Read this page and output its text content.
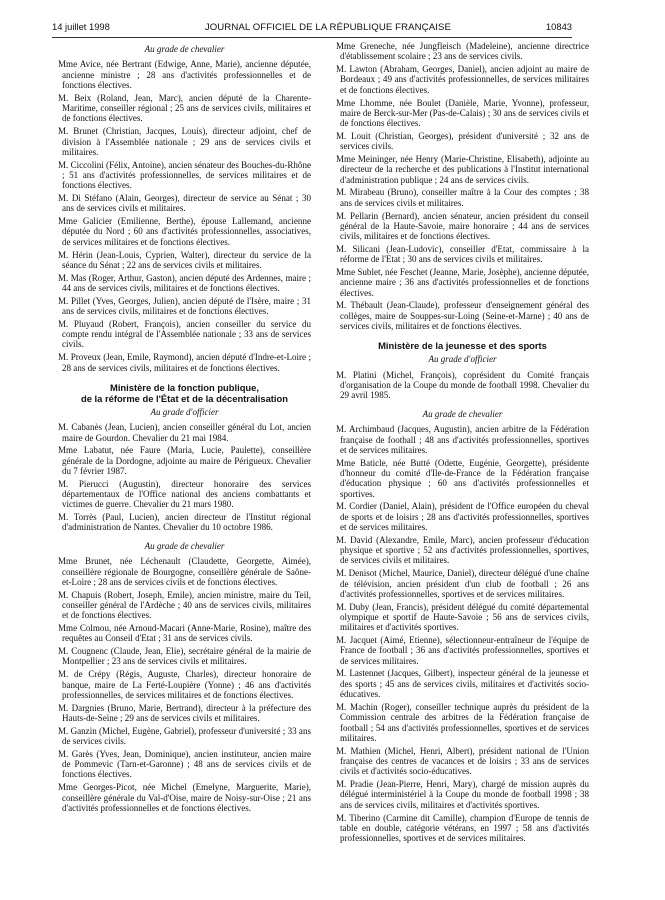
14 juillet 1998	JOURNAL OFFICIEL DE LA RÉPUBLIQUE FRANÇAISE	10843
Au grade de chevalier

Mme Avice, née Bertrant (Edwige, Anne, Marie), ancienne députée, ancienne ministre ; 28 ans d'activités professionnelles et de fonctions électives.

M. Beix (Roland, Jean, Marc), ancien député de la Charente-Maritime, conseiller régional ; 25 ans de services civils, militaires et de fonctions électives.

M. Brunet (Christian, Jacques, Louis), directeur adjoint, chef de division à l'Assemblée nationale ; 29 ans de services civils et militaires.

M. Ciccolini (Félix, Antoine), ancien sénateur des Bouches-du-Rhône ; 51 ans d'activités professionnelles, de services militaires et de fonctions électives.

M. Di Stéfano (Alain, Georges), directeur de service au Sénat ; 30 ans de services civils et militaires.

Mme Galicier (Emilienne, Berthe), épouse Lallemand, ancienne députée du Nord ; 60 ans d'activités professionnelles, associatives, de services militaires et de fonctions électives.

M. Hérin (Jean-Louis, Cyprien, Walter), directeur du service de la séance du Sénat ; 22 ans de services civils et militaires.

M. Mas (Roger, Arthur, Gaston), ancien député des Ardennes, maire ; 44 ans de services civils, militaires et de fonctions électives.

M. Pillet (Yves, Georges, Julien), ancien député de l'Isère, maire ; 31 ans de services civils, militaires et de fonctions électives.

M. Pluyaud (Robert, François), ancien conseiller du service du compte rendu intégral de l'Assemblée nationale ; 33 ans de services civils.

M. Proveux (Jean, Emile, Raymond), ancien député d'Indre-et-Loire ; 28 ans de services civils, militaires et de fonctions électives.

Ministère de la fonction publique,
de la réforme de l'État et de la décentralisation
Au grade d'officier

M. Cabanès (Jean, Lucien), ancien conseiller général du Lot, ancien maire de Gourdon. Chevalier du 21 mai 1984.

Mme Labatut, née Faure (Maria, Lucie, Paulette), conseillère générale de la Dordogne, adjointe au maire de Périgueux. Chevalier du 7 février 1987.

M. Pierucci (Augustin), directeur honoraire des services départementaux de l'Office national des anciens combattants et victimes de guerre. Chevalier du 21 mars 1980.

M. Torrès (Paul, Lucien), ancien directeur de l'Institut régional d'administration de Nantes. Chevalier du 10 octobre 1986.

Au grade de chevalier

Mme Brunet, née Léchenault (Claudette, Georgette, Aimée), conseillère régionale de Bourgogne, conseillère générale de Saône-et-Loire ; 28 ans de services civils et de fonctions électives.

M. Chapuis (Robert, Joseph, Emile), ancien ministre, maire du Teil, conseiller général de l'Ardèche ; 40 ans de services civils, militaires et de fonctions électives.

Mme Colmou, née Arnoud-Macari (Anne-Marie, Rosine), maître des requêtes au Conseil d'Etat ; 31 ans de services civils.

M. Cougnenc (Claude, Jean, Elie), secrétaire général de la mairie de Montpellier ; 23 ans de services civils et militaires.

M. de Crépy (Régis, Auguste, Charles), directeur honoraire de banque, maire de La Ferté-Loupière (Yonne) ; 46 ans d'activités professionnelles, de services militaires et de fonctions électives.

M. Dargnies (Bruno, Marie, Bertrand), directeur à la préfecture des Hauts-de-Seine ; 29 ans de services civils et militaires.

M. Ganzin (Michel, Eugène, Gabriel), professeur d'université ; 33 ans de services civils.

M. Garès (Yves, Jean, Dominique), ancien instituteur, ancien maire de Pommevic (Tarn-et-Garonne) ; 48 ans de services civils et de fonctions électives.

Mme Georges-Picot, née Michel (Emelyne, Marguerite, Marie), conseillère générale du Val-d'Oise, maire de Noisy-sur-Oise ; 21 ans d'activités professionnelles et de fonctions électives.

Mme Greneche, née Jungfleisch (Madeleine), ancienne directrice d'établissement scolaire ; 23 ans de services civils.

M. Lawton (Abraham, Georges, Daniel), ancien adjoint au maire de Bordeaux ; 49 ans d'activités professionnelles, de services militaires et de fonctions électives.

Mme Lhomme, née Boulet (Danièle, Marie, Yvonne), professeur, maire de Berck-sur-Mer (Pas-de-Calais) ; 30 ans de services civils et de fonctions électives.

M. Louit (Christian, Georges), président d'université ; 32 ans de services civils.

Mme Meininger, née Henry (Marie-Christine, Elisabeth), adjointe au directeur de la recherche et des publications à l'Institut international d'administration publique ; 24 ans de services civils.

M. Mirabeau (Bruno), conseiller maître à la Cour des comptes ; 38 ans de services civils et militaires.

M. Pellarin (Bernard), ancien sénateur, ancien président du conseil général de la Haute-Savoie, maire honoraire ; 44 ans de services civils, militaires et de fonctions électives.

M. Silicani (Jean-Ludovic), conseiller d'Etat, commissaire à la réforme de l'Etat ; 30 ans de services civils et militaires.

Mme Sublet, née Feschet (Jeanne, Marie, Josèphe), ancienne députée, ancienne maire ; 36 ans d'activités professionnelles et de fonctions électives.

M. Thébault (Jean-Claude), professeur d'enseignement général des collèges, maire de Souppes-sur-Loing (Seine-et-Marne) ; 40 ans de services civils, militaires et de fonctions électives.

Ministère de la jeunesse et des sports
Au grade d'officier

M. Platini (Michel, François), coprésident du Comité français d'organisation de la Coupe du monde de football 1998. Chevalier du 29 avril 1985.

Au grade de chevalier

M. Archimbaud (Jacques, Augustin), ancien arbitre de la Fédération française de football ; 48 ans d'activités professionnelles, sportives et de services militaires.

Mme Baticle, née Butté (Odette, Eugénie, Georgette), présidente d'honneur du comité d'Ile-de-France de la Fédération française d'éducation physique ; 60 ans d'activités professionnelles et sportives.

M. Cordier (Daniel, Alain), président de l'Office européen du cheval de sports et de loisirs ; 28 ans d'activités professionnelles, sportives et de services militaires.

M. David (Alexandre, Emile, Marc), ancien professeur d'éducation physique et sportive ; 52 ans d'activités professionnelles, sportives, de services civils et militaires.

M. Denisot (Michel, Maurice, Daniel), directeur délégué d'une chaîne de télévision, ancien président d'un club de football ; 26 ans d'activités professionnelles, sportives et de services militaires.

M. Duby (Jean, Francis), président délégué du comité départemental olympique et sportif de Haute-Savoie ; 56 ans de services civils, militaires et d'activités sportives.

M. Jacquet (Aimé, Etienne), sélectionneur-entraîneur de l'équipe de France de football ; 36 ans d'activités professionnelles, sportives et de services militaires.

M. Lastennet (Jacques, Gilbert), inspecteur général de la jeunesse et des sports ; 45 ans de services civils, militaires et d'activités socio-éducatives.

M. Machin (Roger), conseiller technique auprès du président de la Commission centrale des arbitres de la Fédération française de football ; 54 ans d'activités professionnelles, sportives et de services militaires.

M. Mathien (Michel, Henri, Albert), président national de l'Union française des centres de vacances et de loisirs ; 33 ans de services civils et d'activités socio-éducatives.

M. Pradie (Jean-Pierre, Henri, Mary), chargé de mission auprès du délégué interministériel à la Coupe du monde de football 1998 ; 38 ans de services civils, militaires et d'activités sportives.

M. Tiberino (Carmine dit Camille), champion d'Europe de tennis de table en double, catégorie vétérans, en 1997 ; 58 ans d'activités professionnelles, sportives et de services militaires.
